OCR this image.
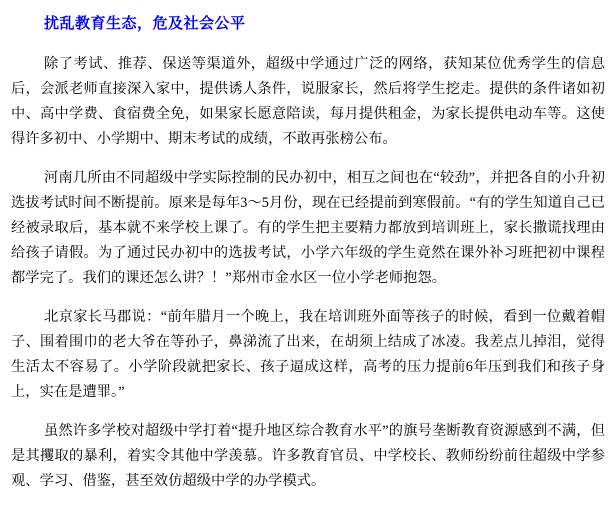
扰乱教育生态，危及社会公平

除了考试、推荐、保送等渠道外，超级中学通过广泛的网络，获知某位优秀学生的信息后，会派老师直接深入家中，提供诱人条件，说服家长，然后将学生挖走。提供的条件诸如初中、高中学费、食宿费全免，如果家长愿意陪读，每月提供租金，为家长提供电动车等。这使得许多初中、小学期中、期末考试的成绩，不敢再张榜公布。

河南几所由不同超级中学实际控制的民办初中，相互之间也在“较劲”，并把各自的小升初选拔考试时间不断提前。原来是每年3～5月份，现在已经提前到寒假前。“有的学生知道自己已经被录取后，基本就不来学校上课了。有的学生把主要精力都放到培训班上，家长撒谎找理由给孩子请假。为了通过民办初中的选拔考试，小学六年级的学生竟然在课外补习班把初中课程都学完了。我们的课还怎么讲？！”郑州市金水区一位小学老师抱怨。

北京家长马郡说：“前年腊月一个晚上，我在培训班外面等孩子的时候，看到一位戴着帽子、围着围巾的老大爷在等孙子，鼻涕流了出来，在胡须上结成了冰凌。我差点儿掉泪，觉得生活太不容易了。小学阶段就把家长、孩子逼成这样，高考的压力提前6年压到我们和孩子身上，实在是遭罪。”

虽然许多学校对超级中学打着“提升地区综合教育水平”的旗号垄断教育资源感到不满，但是其攫取的暴利，着实令其他中学羡慕。许多教育官员、中学校长、教师纷纷前往超级中学参观、学习、借鉴，甚至效仿超级中学的办学模式。
